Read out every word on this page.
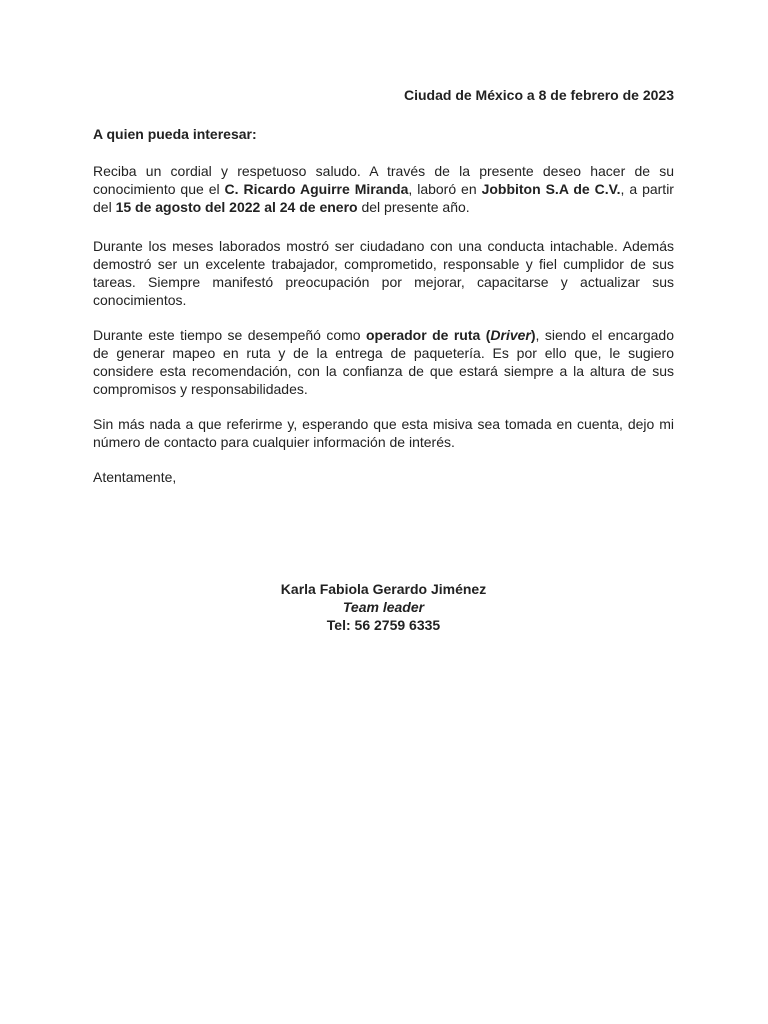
Ciudad de México a 8 de febrero de 2023
A quien pueda interesar:

Reciba un cordial y respetuoso saludo. A través de la presente deseo hacer de su conocimiento que el C. Ricardo Aguirre Miranda, laboró en Jobbiton S.A de C.V., a partir del 15 de agosto del 2022 al 24 de enero del presente año.

Durante los meses laborados mostró ser ciudadano con una conducta intachable. Además demostró ser un excelente trabajador, comprometido, responsable y fiel cumplidor de sus tareas. Siempre manifestó preocupación por mejorar, capacitarse y actualizar sus conocimientos.

Durante este tiempo se desempeñó como operador de ruta (Driver), siendo el encargado de generar mapeo en ruta y de la entrega de paquetería. Es por ello que, le sugiero considere esta recomendación, con la confianza de que estará siempre a la altura de sus compromisos y responsabilidades.

Sin más nada a que referirme y, esperando que esta misiva sea tomada en cuenta, dejo mi número de contacto para cualquier información de interés.

Atentamente,
Karla Fabiola Gerardo Jiménez
Team leader
Tel: 56 2759 6335
